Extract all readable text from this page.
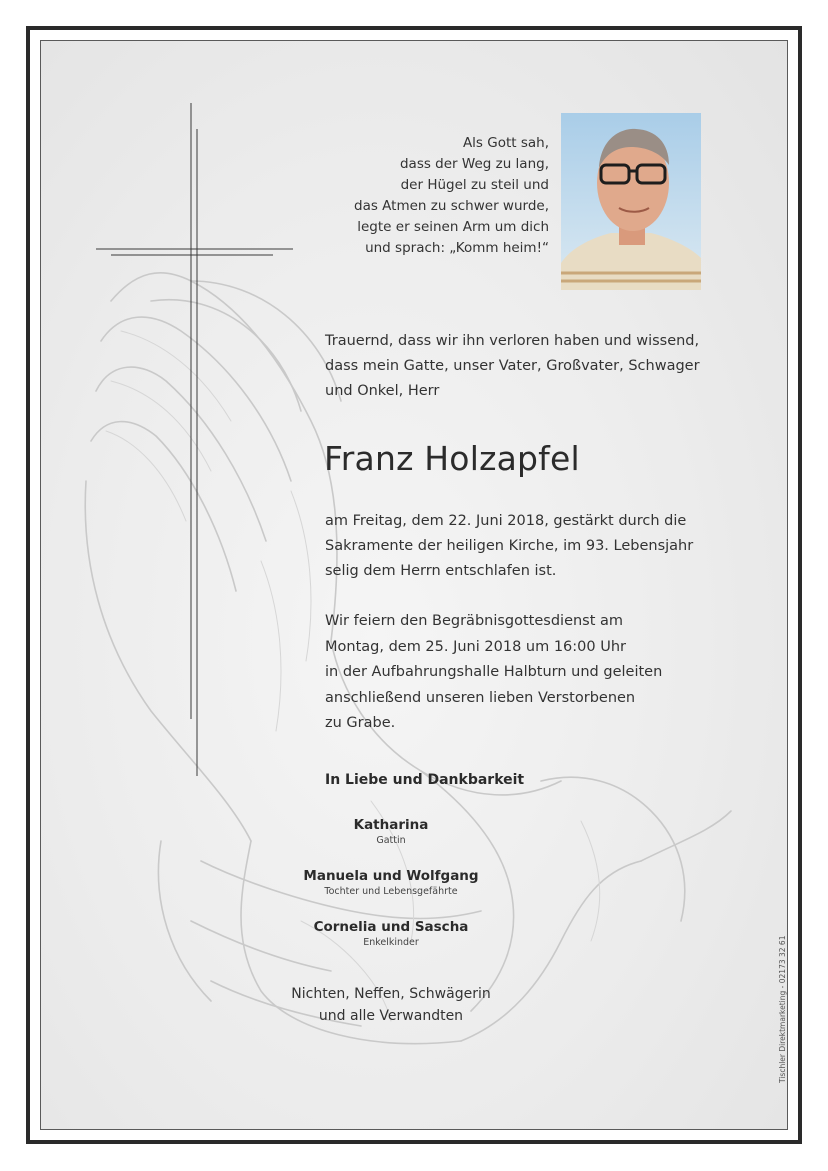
Als Gott sah,
dass der Weg zu lang,
der Hügel zu steil und
das Atmen zu schwer wurde,
legte er seinen Arm um dich
und sprach: „Komm heim!“
Trauernd, dass wir ihn verloren haben und wissend,
dass mein Gatte, unser Vater, Großvater, Schwager
und Onkel, Herr
Franz Holzapfel
am Freitag, dem 22. Juni 2018, gestärkt durch die
Sakramente der heiligen Kirche, im 93. Lebensjahr
selig dem Herrn entschlafen ist.
Wir feiern den Begräbnisgottesdienst am
Montag, dem 25. Juni 2018 um 16:00 Uhr
in der Aufbahrungshalle Halbturn und geleiten
anschließend unseren lieben Verstorbenen
zu Grabe.
In Liebe und Dankbarkeit
Katharina
Gattin
Manuela und Wolfgang
Tochter und Lebensgefährte
Cornelia und Sascha
Enkelkinder
Nichten, Neffen, Schwägerin
und alle Verwandten	Tischler Direktmarketing - 02173 32 61
